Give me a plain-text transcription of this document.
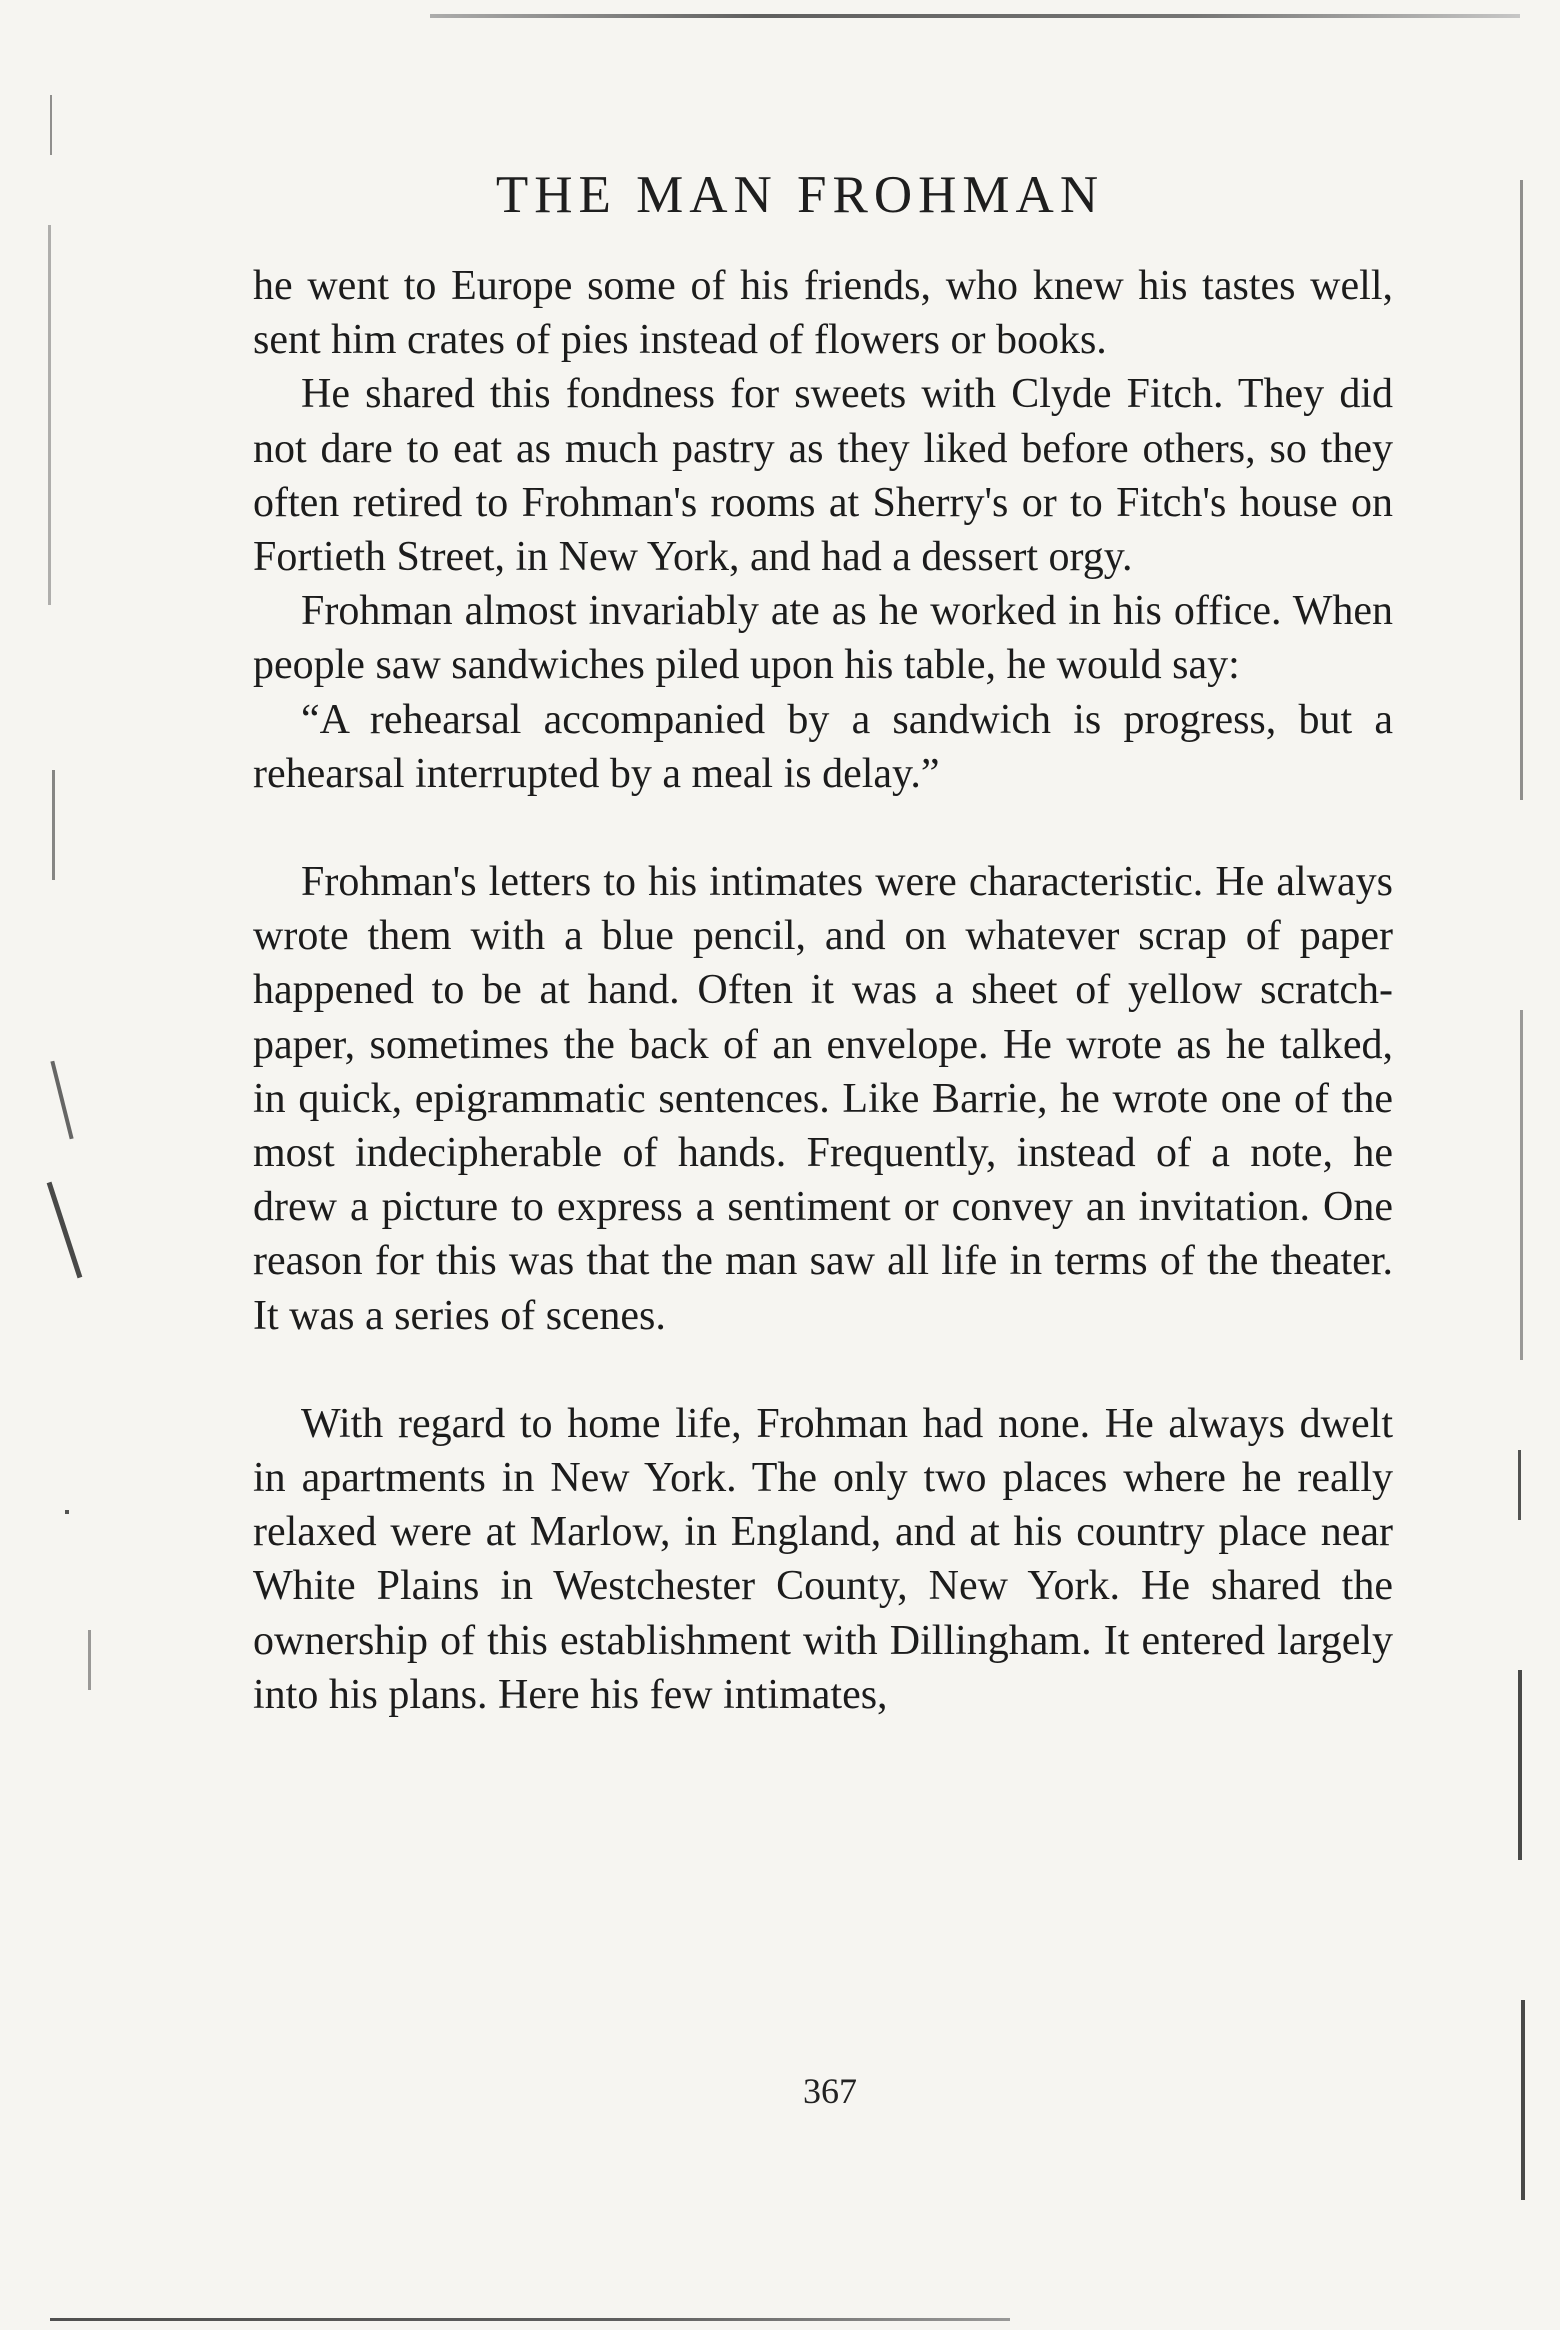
THE MAN FROHMAN

he went to Europe some of his friends, who knew his tastes well, sent him crates of pies instead of flowers or books.

He shared this fondness for sweets with Clyde Fitch. They did not dare to eat as much pastry as they liked before others, so they often retired to Frohman's rooms at Sherry's or to Fitch's house on Fortieth Street, in New York, and had a dessert orgy.

Frohman almost invariably ate as he worked in his office. When people saw sandwiches piled upon his table, he would say:

“A rehearsal accompanied by a sandwich is progress, but a rehearsal interrupted by a meal is delay.”

Frohman's letters to his intimates were characteristic. He always wrote them with a blue pencil, and on whatever scrap of paper happened to be at hand. Often it was a sheet of yellow scratch-paper, sometimes the back of an envelope. He wrote as he talked, in quick, epigrammatic sentences. Like Barrie, he wrote one of the most indecipherable of hands. Frequently, instead of a note, he drew a picture to express a sentiment or convey an invitation. One reason for this was that the man saw all life in terms of the theater. It was a series of scenes.

With regard to home life, Frohman had none. He always dwelt in apartments in New York. The only two places where he really relaxed were at Marlow, in England, and at his country place near White Plains in Westchester County, New York. He shared the ownership of this establishment with Dillingham. It entered largely into his plans. Here his few intimates,

367
